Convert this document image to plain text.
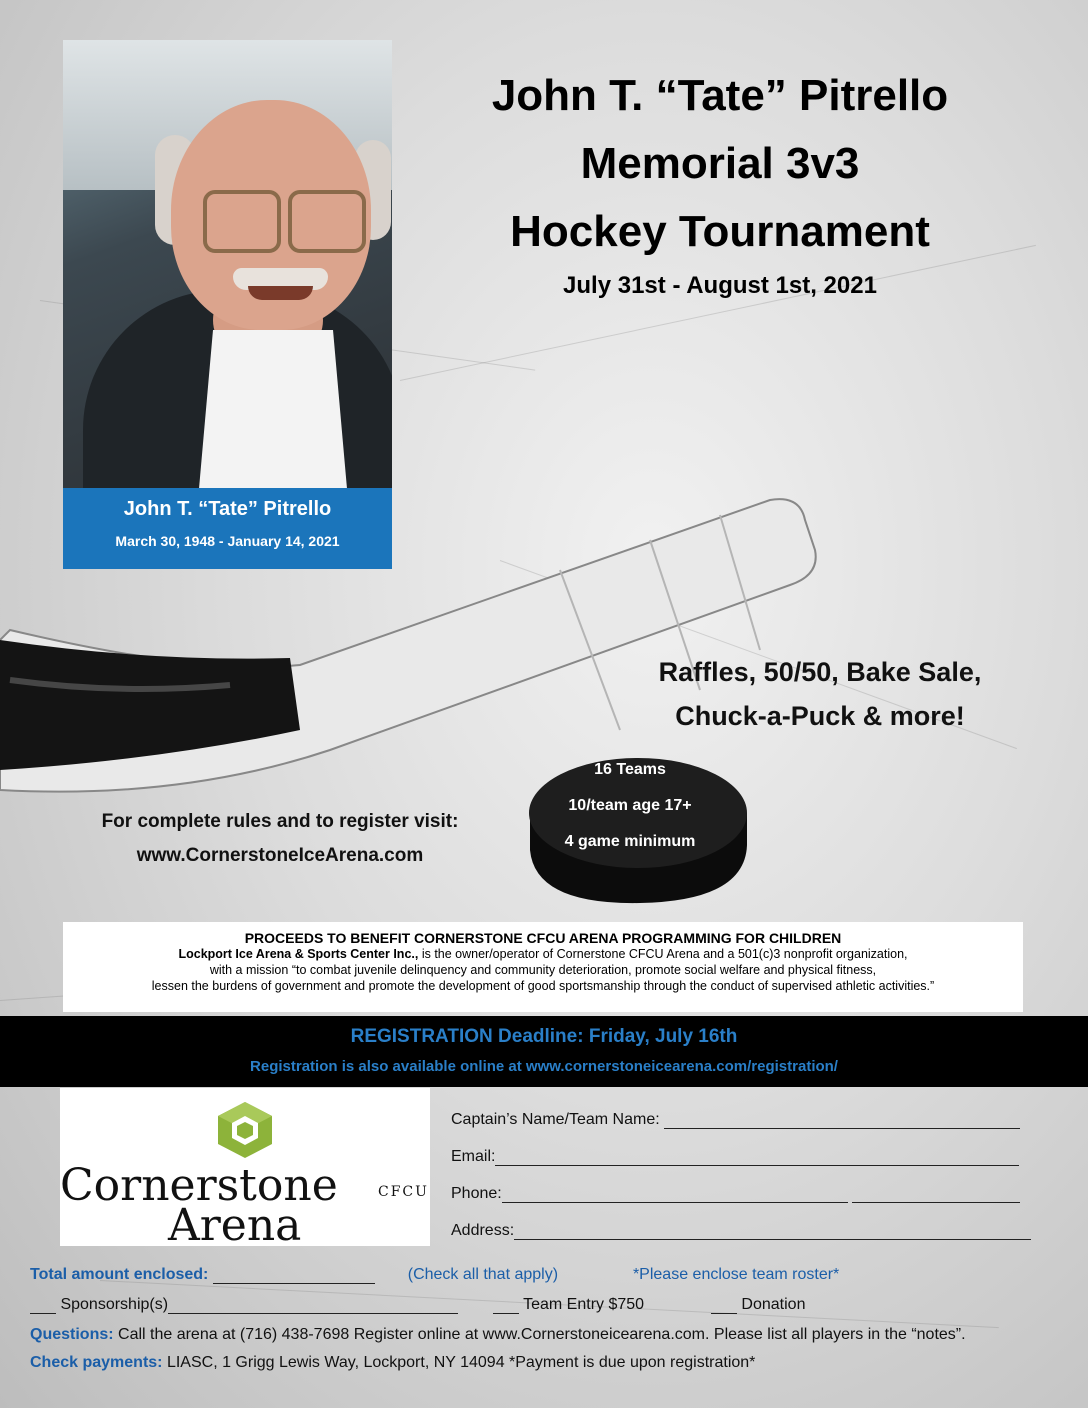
John T. “Tate” Pitrello
March 30, 1948 - January 14, 2021
John T. “Tate” Pitrello
Memorial 3v3
Hockey Tournament
July 31st - August 1st, 2021
Raffles, 50/50, Bake Sale,
Chuck-a-Puck & more!
16 Teams
10/team age 17+
4 game minimum
For complete rules and to register visit:
www.CornerstoneIceArena.com
PROCEEDS TO BENEFIT CORNERSTONE CFCU ARENA PROGRAMMING FOR CHILDREN
Lockport Ice Arena & Sports Center Inc., is the owner/operator of Cornerstone CFCU Arena and a 501(c)3 nonprofit organization,
with a mission “to combat juvenile delinquency and community deterioration, promote social welfare and physical fitness,
lessen the burdens of government and promote the development of good sportsmanship through the conduct of supervised athletic activities.”
REGISTRATION Deadline: Friday, July 16th
Registration is also available online at www.cornerstoneicearena.com/registration/
Cornerstone	CFCU
Arena
Captain’s Name/Team Name:
Email:
Phone:
Address:
Total amount enclosed:	(Check all that apply)	*Please enclose team roster*
Sponsorship(s)	Team Entry $750	Donation
Questions: Call the arena at (716) 438-7698 Register online at www.Cornerstoneicearena.com. Please list all players in the “notes”.
Check payments: LIASC, 1 Grigg Lewis Way, Lockport, NY 14094 *Payment is due upon registration*
